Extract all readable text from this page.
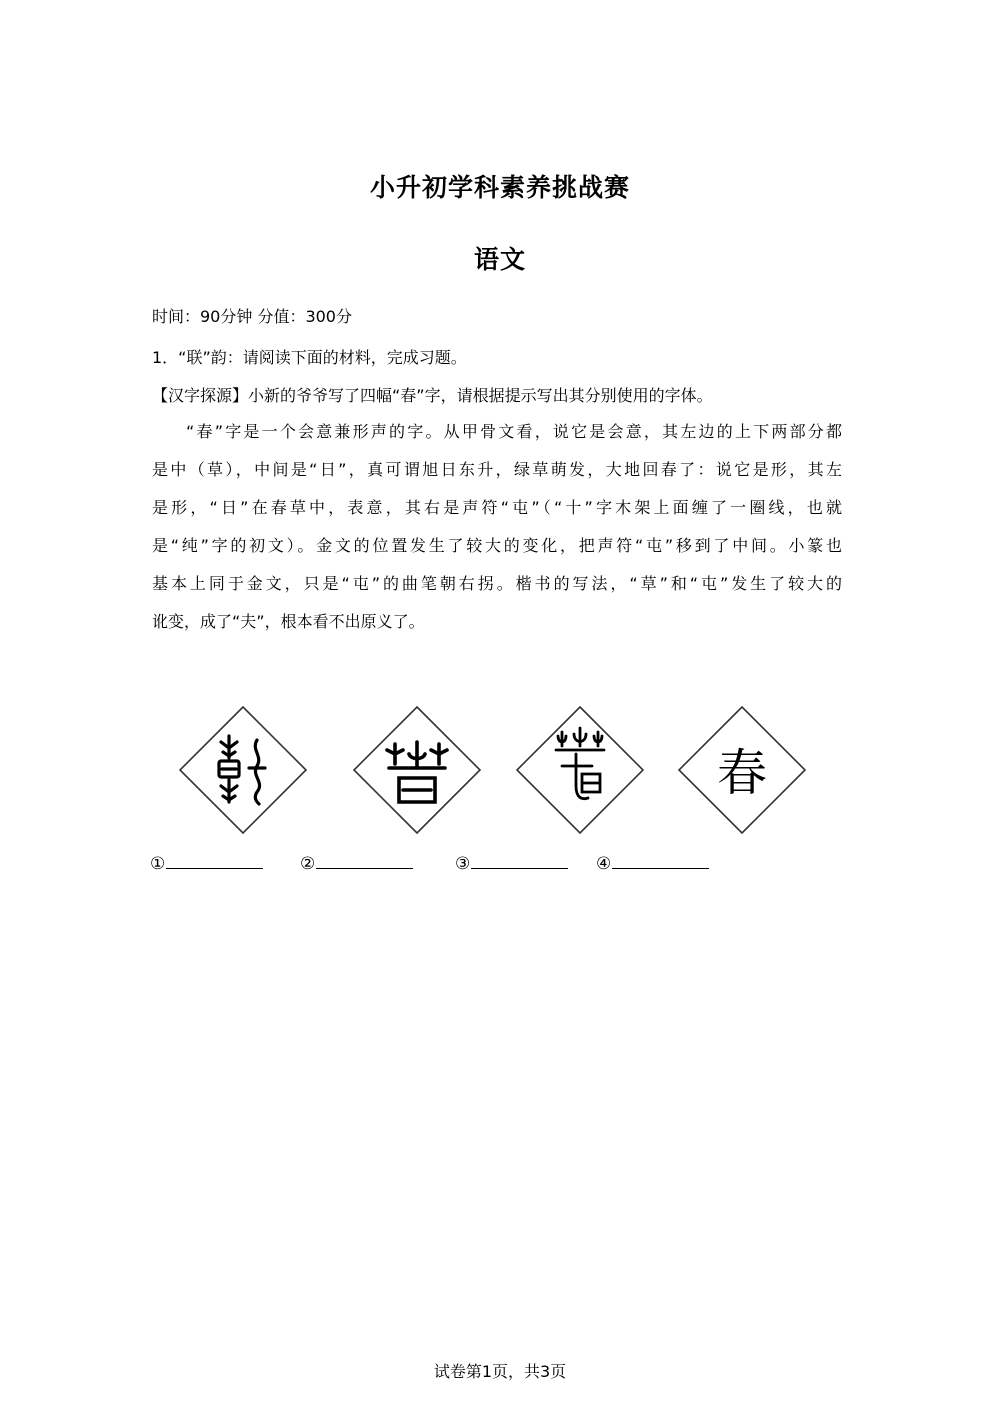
小升初学科素养挑战赛
语文
时间：90分钟 分值：300分
1．“联”韵：请阅读下面的材料，完成习题。
【汉字探源】小新的爷爷写了四幅“春”字，请根据提示写出其分别使用的字体。
“春”字是一个会意兼形声的字。从甲骨文看，说它是会意，其左边的上下两部分都
是中（草），中间是“日”，真可谓旭日东升，绿草萌发，大地回春了：说它是形，其左
是形，“日”在春草中，表意，其右是声符“屯”（“十”字木架上面缠了一圈线，也就
是“纯”字的初文）。金文的位置发生了较大的变化，把声符“屯”移到了中间。小篆也
基本上同于金文，只是“屯”的曲笔朝右拐。楷书的写法，“草”和“屯”发生了较大的
讹变，成了“夫”，根本看不出原义了。
春
①	②	③	④
试卷第1页，共3页
